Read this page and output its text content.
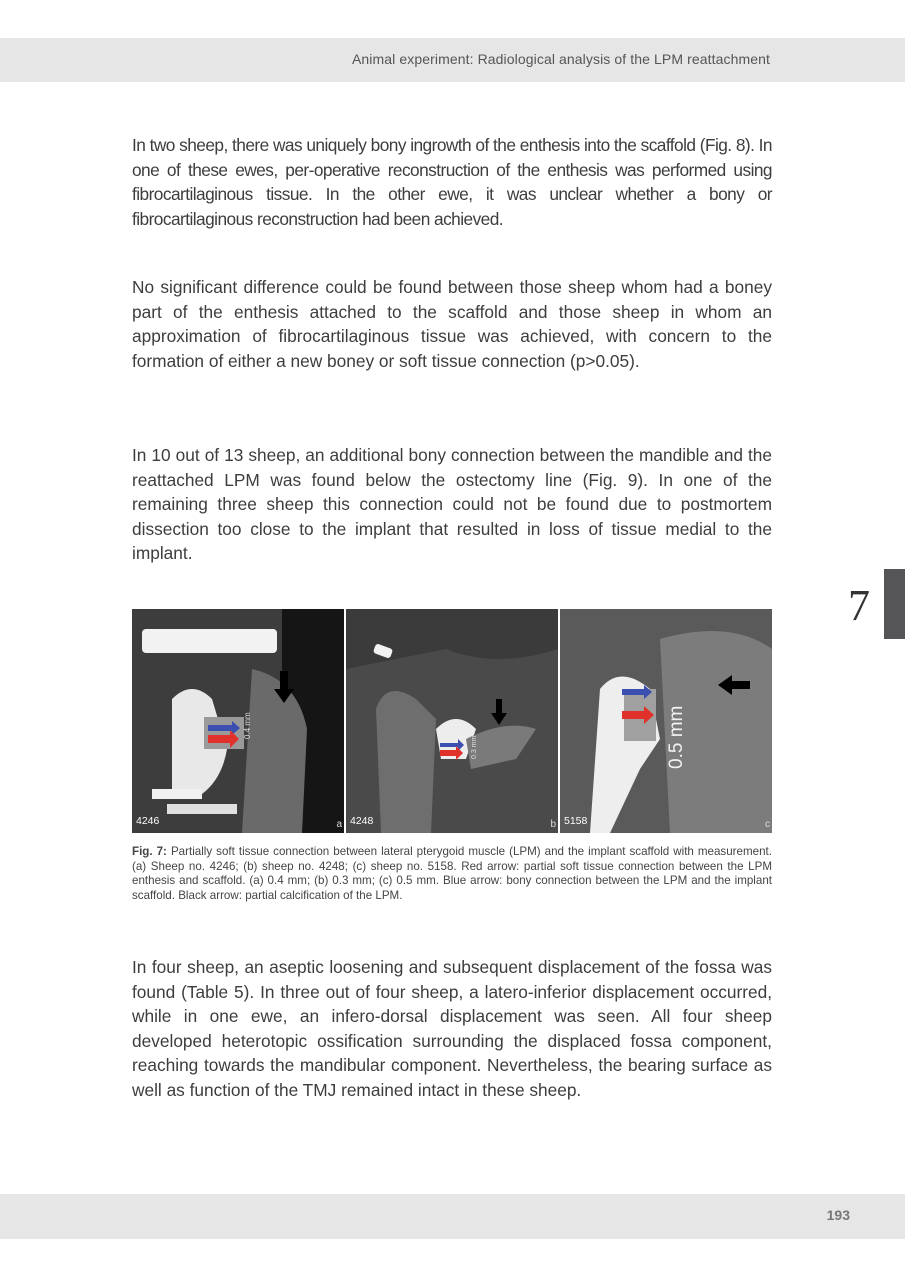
Animal experiment: Radiological analysis of the LPM reattachment

In two sheep, there was uniquely bony ingrowth of the enthesis into the scaffold (Fig. 8). In one of these ewes, per-operative reconstruction of the enthesis was performed using fibrocartilaginous tissue. In the other ewe, it was unclear whether a bony or fibrocartilaginous reconstruction had been achieved.

No significant difference could be found between those sheep whom had a boney part of the enthesis attached to the scaffold and those sheep in whom an approximation of fibrocartilaginous tissue was achieved, with concern to the formation of either a new boney or soft tissue connection (p>0.05).

In 10 out of 13 sheep, an additional bony connection between the mandible and the reattached LPM was found below the ostectomy line (Fig. 9). In one of the remaining three sheep this connection could not be found due to postmortem dissection too close to the implant that resulted in loss of tissue medial to the implant.

7
0.4 mm
4246	a
0.3 mm
4248	b
0.5 mm
5158	c
Fig. 7: Partially soft tissue connection between lateral pterygoid muscle (LPM) and the implant scaffold with measurement. (a) Sheep no. 4246; (b) sheep no. 4248; (c) sheep no. 5158. Red arrow: partial soft tissue connection between the LPM enthesis and scaffold. (a) 0.4 mm; (b) 0.3 mm; (c) 0.5 mm. Blue arrow: bony connection between the LPM and the implant scaffold. Black arrow: partial calcification of the LPM.

In four sheep, an aseptic loosening and subsequent displacement of the fossa was found (Table 5). In three out of four sheep, a latero-inferior displacement occurred, while in one ewe, an infero-dorsal displacement was seen. All four sheep developed heterotopic ossification surrounding the displaced fossa component, reaching towards the mandibular component. Nevertheless, the bearing surface as well as function of the TMJ remained intact in these sheep.

193
